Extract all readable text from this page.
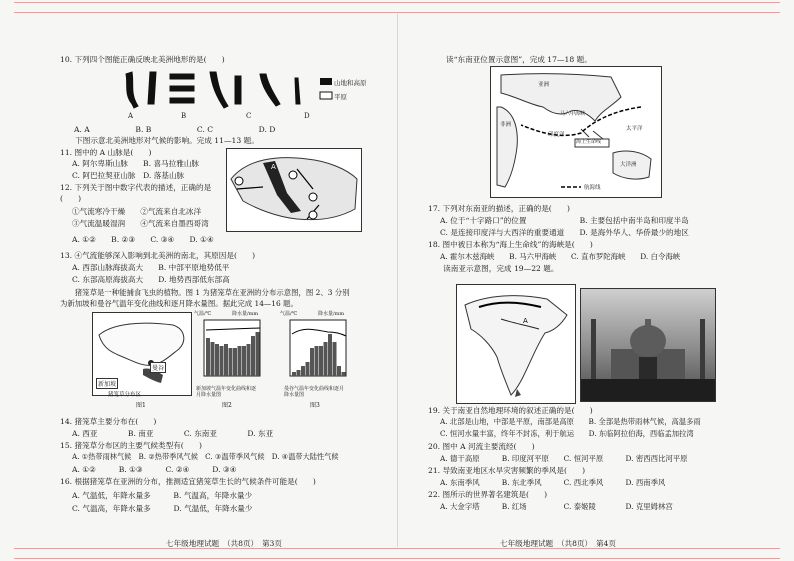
10. 下列四个图能正确反映北美洲地形的是(　　)
山地和高原
平原
A	B	C	D
A. A　　　　　　B. B　　　　　　C. C　　　　　　D. D
　　下图示意北美洲地形对气候的影响。完成 11—13 题。
11. 图中的 A 山脉是(　　)
A. 阿尔卑斯山脉　　B. 喜马拉雅山脉
C. 阿巴拉契亚山脉　D. 落基山脉
12. 下列关于图中数字代表的描述，正确的是(　　)
①气流寒冷干燥　　②气流来自北冰洋
③气流温暖湿润　　④气流来自墨西哥湾
A. ①②　　B. ②③　　C. ③④　　D. ①④
A
13. ④气流能够深入影响到北美洲的南北，其原因是(　　)
A. 西部山脉海拔高大　　B. 中部平原地势低平
C. 东部高原海拔高大　　D. 地势西部低东部高
　　猪笼草是一种能捕食飞虫的植物。图 1 为猪笼草在亚洲的分布示意图，图 2、3 分别
为新加坡和曼谷气温年变化曲线和逐月降水量图。据此完成 14—16 题。
新加坡
曼谷
猪笼草分布区
图1
气温/℃	降水量/mm
新加坡气温年变化曲线和逐月降水量图
图2
气温/℃	降水量/mm
曼谷气温年变化曲线和逐月降水量图
图3
14. 猪笼草主要分布在(　　)
A. 西亚　　　　B. 南亚　　　　C. 东南亚　　　　D. 东亚
15. 猪笼草分布区的主要气候类型有(　　)
A. ①热带雨林气候　B. ②热带季风气候　C. ③温带季风气候　D. ④温带大陆性气候
A. ①②　　　B. ①③　　　C. ②④　　　D. ③④
16. 根据猪笼草在亚洲的分布，推测适宜猪笼草生长的气候条件可能是(　　)
A. 气温低，年降水量多　　　B. 气温高，年降水量少
C. 气温高，年降水量多　　　D. 气温低，年降水量少
七年级地理试题　（共8页）　第3页
读“东南亚位置示意图”，完成 17—18 题。
亚洲
非洲
印度洋
太平洋
大洋洲
马六甲海峡
海上生命线
航海线
17. 下列对东南亚的描述，正确的是(　　)
A. 位于“十字路口”的位置　　　　　　　B. 主要包括中南半岛和印度半岛
C. 是连接印度洋与大西洋的重要通道　　D. 是海外华人、华侨最少的地区
18. 图中被日本称为“海上生命线”的海峡是(　　)
A. 霍尔木兹海峡　　B. 马六甲海峡　　C. 直布罗陀海峡　　D. 白令海峡
　　读南亚示意图，完成 19—22 题。
A
19. 关于南亚自然地理环境的叙述正确的是(　　)
A. 北部是山地，中部是平原，南部是高原　　B. 全部是热带雨林气候，高温多雨
C. 恒河水量丰富，终年不封冻，利于航运　　D. 东临阿拉伯海，西临孟加拉湾
20. 图中 A 河流主要流经(　　)
A. 德干高原　　　B. 印度河平原　　C. 恒河平原　　　D. 密西西比河平原
21. 导致南亚地区水旱灾害频繁的季风是(　　)
A. 东南季风　　　B. 东北季风　　　C. 西北季风　　　D. 西南季风
22. 图所示的世界著名建筑是(　　)
A. 大金字塔　　　B. 红场　　　　　C. 泰姬陵　　　　D. 克里姆林宫
七年级地理试题　（共8页）　第4页
